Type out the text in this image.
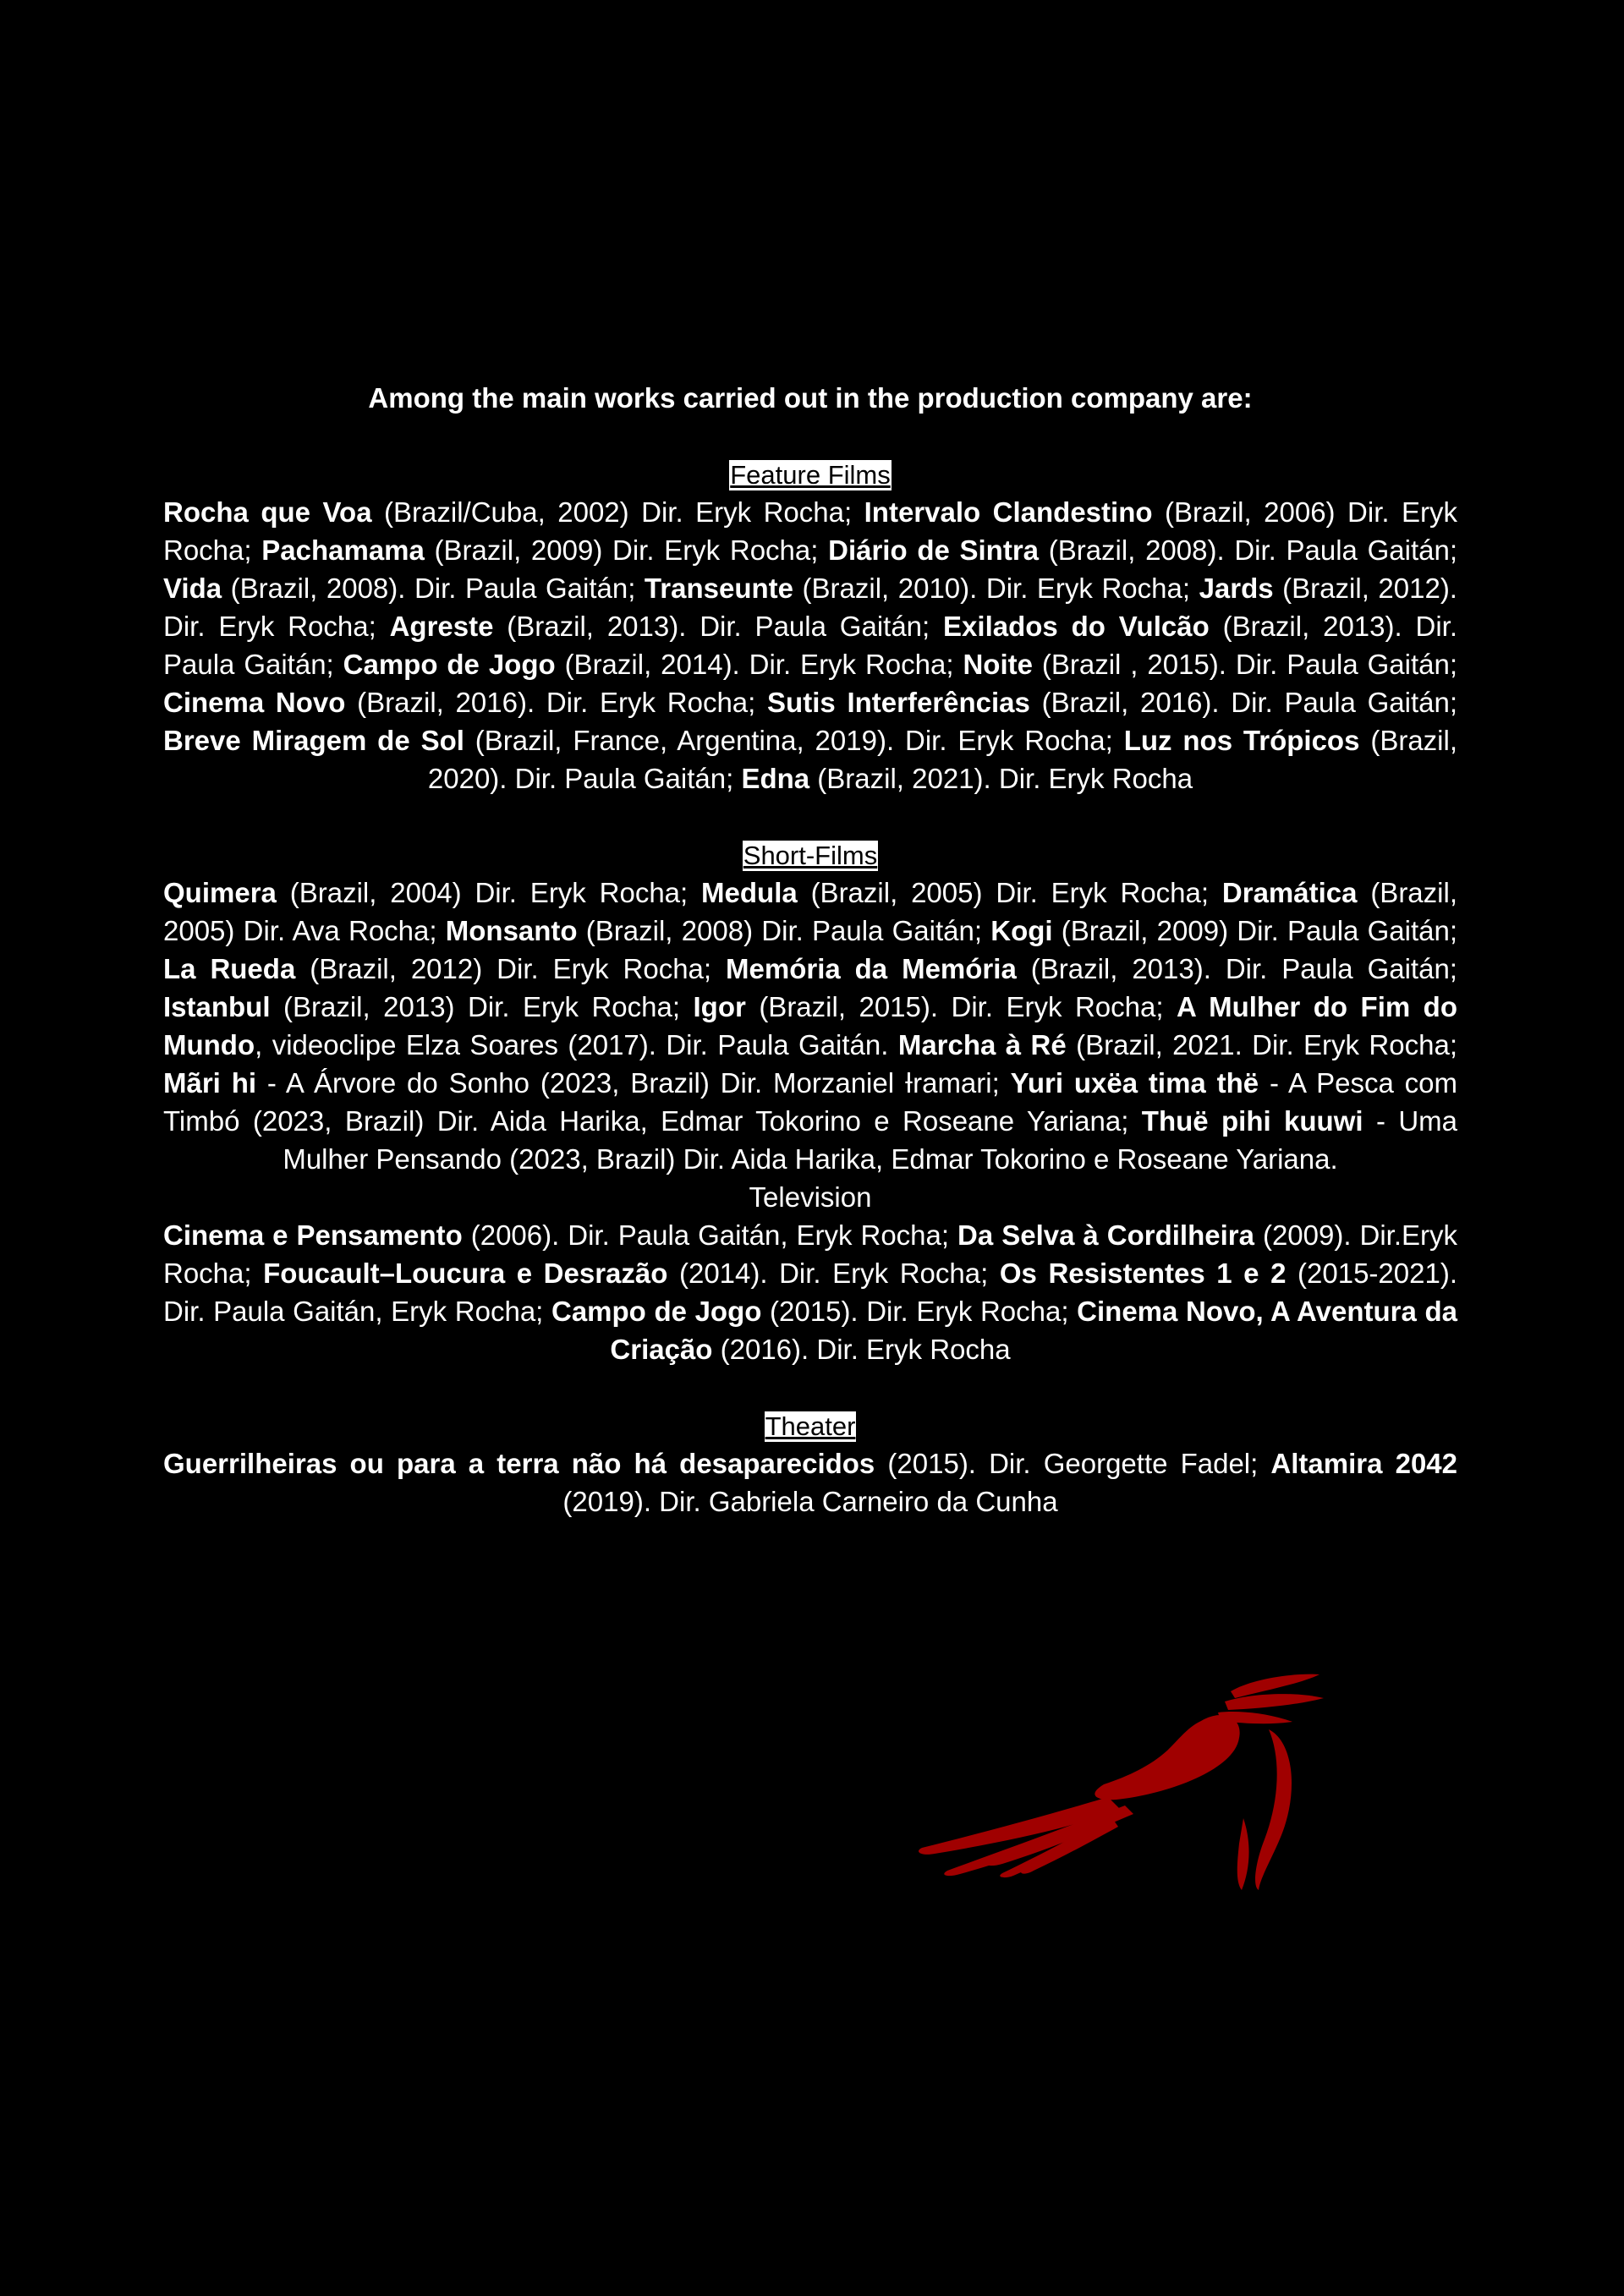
Among the main works carried out in the production company are:

Feature Films

Rocha que Voa (Brazil/Cuba, 2002) Dir. Eryk Rocha; Intervalo Clandestino (Brazil, 2006) Dir. Eryk Rocha; Pachamama (Brazil, 2009) Dir. Eryk Rocha; Diário de Sintra (Brazil, 2008). Dir. Paula Gaitán; Vida (Brazil, 2008). Dir. Paula Gaitán; Transeunte (Brazil, 2010). Dir. Eryk Rocha; Jards (Brazil, 2012). Dir. Eryk Rocha; Agreste (Brazil, 2013). Dir. Paula Gaitán; Exilados do Vulcão (Brazil, 2013). Dir. Paula Gaitán; Campo de Jogo (Brazil, 2014). Dir. Eryk Rocha; Noite (Brazil , 2015). Dir. Paula Gaitán; Cinema Novo (Brazil, 2016). Dir. Eryk Rocha; Sutis Interferências (Brazil, 2016). Dir. Paula Gaitán; Breve Miragem de Sol (Brazil, France, Argentina, 2019). Dir. Eryk Rocha; Luz nos Trópicos (Brazil, 2020). Dir. Paula Gaitán; Edna (Brazil, 2021). Dir. Eryk Rocha

Short-Films

Quimera (Brazil, 2004) Dir. Eryk Rocha; Medula (Brazil, 2005) Dir. Eryk Rocha; Dramática (Brazil, 2005) Dir. Ava Rocha; Monsanto (Brazil, 2008) Dir. Paula Gaitán; Kogi (Brazil, 2009) Dir. Paula Gaitán; La Rueda (Brazil, 2012) Dir. Eryk Rocha; Memória da Memória (Brazil, 2013). Dir. Paula Gaitán; Istanbul (Brazil, 2013) Dir. Eryk Rocha; Igor (Brazil, 2015). Dir. Eryk Rocha; A Mulher do Fim do Mundo, videoclipe Elza Soares (2017). Dir. Paula Gaitán. Marcha à Ré (Brazil, 2021. Dir. Eryk Rocha; Mãri hi - A Árvore do Sonho (2023, Brazil) Dir. Morzaniel Ɨramari; Yuri uxëa tima thë - A Pesca com Timbó (2023, Brazil) Dir. Aida Harika, Edmar Tokorino e Roseane Yariana; Thuë pihi kuuwi - Uma Mulher Pensando (2023, Brazil) Dir. Aida Harika, Edmar Tokorino e Roseane Yariana.

Television

Cinema e Pensamento (2006). Dir. Paula Gaitán, Eryk Rocha; Da Selva à Cordilheira (2009). Dir.Eryk Rocha; Foucault–Loucura e Desrazão (2014). Dir. Eryk Rocha; Os Resistentes 1 e 2 (2015-2021). Dir. Paula Gaitán, Eryk Rocha; Campo de Jogo (2015). Dir. Eryk Rocha; Cinema Novo, A Aventura da Criação (2016). Dir. Eryk Rocha

Theater

Guerrilheiras ou para a terra não há desaparecidos (2015). Dir. Georgette Fadel; Altamira 2042 (2019). Dir. Gabriela Carneiro da Cunha
